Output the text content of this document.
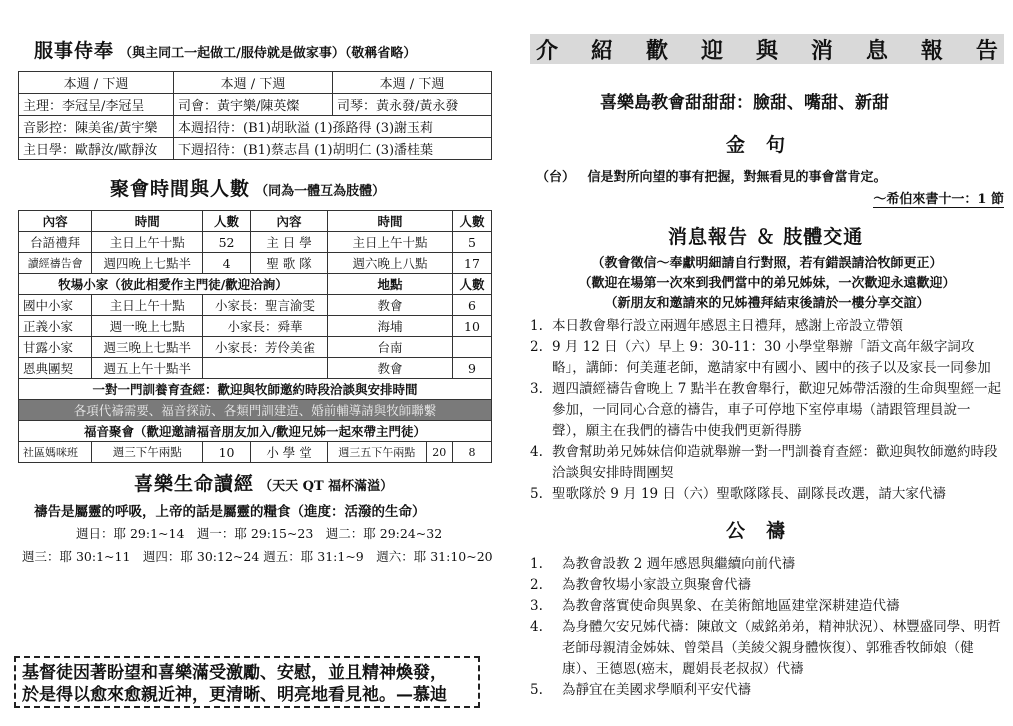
服事侍奉 （與主同工一起做工/服侍就是做家事）（敬稱省略）
本週 / 下週	本週 / 下週	本週 / 下週
主理：李冠呈/李冠呈	司會：黃宇樂/陳英燦	司琴：黃永發/黃永發
音影控：陳美雀/黃宇樂	本週招待：(B1)胡耿溢 (1)孫路得 (3)謝玉莉	
主日學：歐靜汝/歐靜汝	下週招待：(B1)蔡志昌 (1)胡明仁 (3)潘桂葉	
聚會時間與人數 （同為一體互為肢體）
內容	時間	人數	內容	時間		人數
台語禮拜	主日上午十點	52	主 日 學	主日上午十點		5
讀經禱告會	週四晚上七點半	4	聖 歌 隊	週六晚上八點		17
牧場小家（彼此相愛作主門徒/歡迎洽詢）				地點		人數
國中小家	主日上午十點	小家長：聖言渝雯		教會		6
正義小家	週一晚上七點	小家長：舜華		海埔		10
甘露小家	週三晚上七點半	小家長：芳伶美雀		台南		
恩典團契	週五上午十點半			教會		9
一對一門訓養育查經：歡迎與牧師邀約時段洽談與安排時間						
各項代禱需要、福音探訪、各類門訓建造、婚前輔導請與牧師聯繫						
福音聚會（歡迎邀請福音朋友加入/歡迎兄姊一起來帶主門徒）						
社區媽咪班	週三下午兩點	10	小 學 堂	週三五下午兩點	20	8
喜樂生命讀經 （天天 QT 福杯滿溢）
禱告是屬靈的呼吸，上帝的話是屬靈的糧食（進度：活潑的生命）
週日：耶 29:1~14　週一：耶 29:15~23　週二：耶 29:24~32
週三：耶 30:1~11　週四：耶 30:12~24 週五：耶 31:1~9　週六：耶 31:10~20
基督徒因著盼望和喜樂滿受激勵、安慰，並且精神煥發，
於是得以愈來愈親近神，更清晰、明亮地看見祂。—慕迪
介 紹 歡 迎 與 消 息 報 告
喜樂島教會甜甜甜：臉甜、嘴甜、新甜
金　句
（台） 信是對所向望的事有把握，對無看見的事會當肯定。
～希伯來書十一：1 節
消息報告 ＆ 肢體交通
（教會徵信～奉獻明細請自行對照，若有錯誤請洽牧師更正）
（歡迎在場第一次來到我們當中的弟兄姊妹，一次歡迎永遠歡迎）
（新朋友和邀請來的兄姊禮拜結束後請於一樓分享交誼）
1. 本日教會舉行設立兩週年感恩主日禮拜，感謝上帝設立帶領
2. 9 月 12 日（六）早上 9：30-11：30 小學堂舉辦「語文高年級字詞攻略」，講師：何美蓮老師，邀請家中有國小、國中的孩子以及家長一同參加
3. 週四讀經禱告會晚上 7 點半在教會舉行，歡迎兄姊帶活潑的生命與聖經一起參加，一同同心合意的禱告，車子可停地下室停車場（請跟管理員說一聲），願主在我們的禱告中使我們更新得勝
4. 教會幫助弟兄姊妹信仰造就舉辦一對一門訓養育查經：歡迎與牧師邀約時段洽談與安排時間團契
5. 聖歌隊於 9 月 19 日（六）聖歌隊隊長、副隊長改選，請大家代禱
公　禱
1.	為教會設教 2 週年感恩與繼續向前代禱
2.	為教會牧場小家設立與聚會代禱
3.	為教會落實使命與異象、在美術館地區建堂深耕建造代禱
4.	為身體欠安兄姊代禱：陳啟文（威銘弟弟，精神狀況）、林豐盛同學、明哲老師母親清金姊妹、曾榮昌（美綾父親身體恢復）、郭雅香牧師娘（健康）、王德恩(癌末，麗娟長老叔叔）代禱
5.	為靜宜在美國求學順利平安代禱
